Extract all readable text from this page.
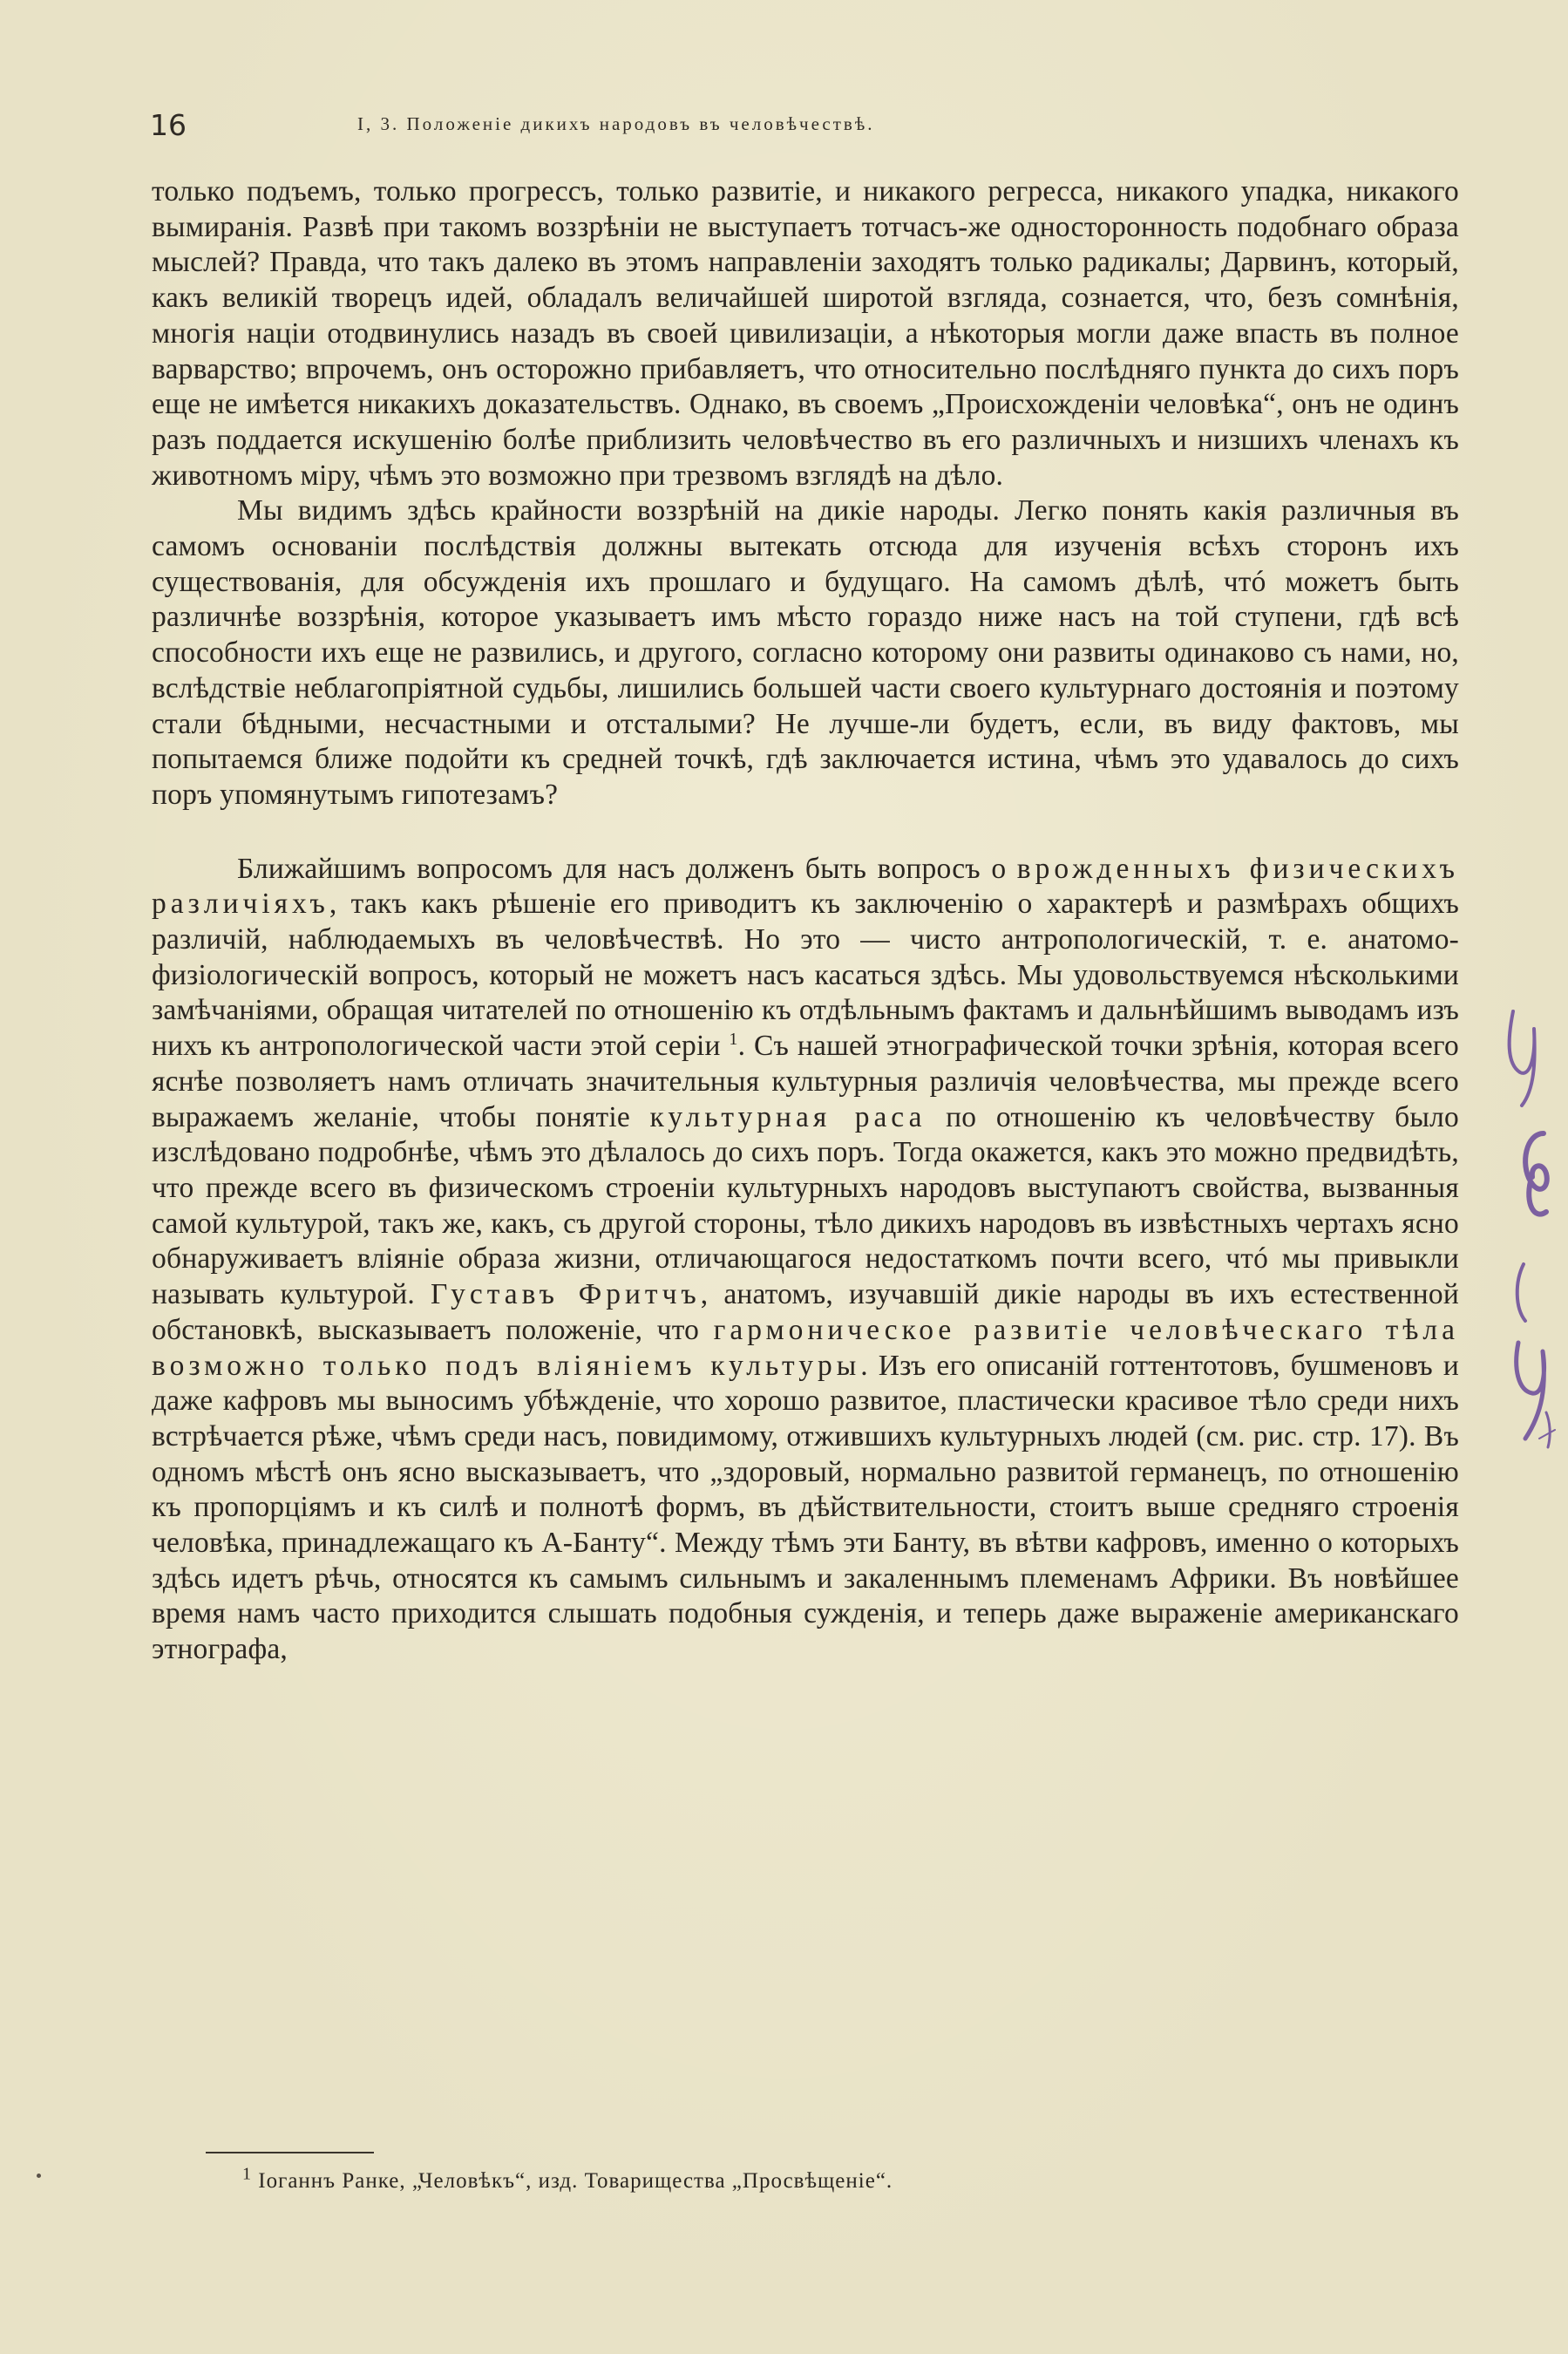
16	I, 3. Положеніе дикихъ народовъ въ человѣчествѣ.

только подъемъ, только прогрессъ, только развитіе, и никакого регресса, никакого упадка, никакого вымиранія. Развѣ при такомъ воззрѣніи не выступаетъ тотчасъ-же односторонность подобнаго образа мыслей? Правда, что такъ далеко въ этомъ направленіи заходятъ только радикалы; Дарвинъ, который, какъ великій творецъ идей, обладалъ величайшей широтой взгляда, сознается, что, безъ сомнѣнія, многія націи отодвинулись назадъ въ своей цивилизаціи, а нѣкоторыя могли даже впасть въ полное варварство; впрочемъ, онъ осторожно прибавляетъ, что относительно послѣдняго пункта до сихъ поръ еще не имѣется никакихъ доказательствъ. Однако, въ своемъ „Происхожденіи человѣка“, онъ не одинъ разъ поддается искушенію болѣе приблизить человѣчество въ его различныхъ и низшихъ членахъ къ животномъ міру, чѣмъ это возможно при трезвомъ взглядѣ на дѣло.

Мы видимъ здѣсь крайности воззрѣній на дикіе народы. Легко понять какія различныя въ самомъ основаніи послѣдствія должны вытекать отсюда для изученія всѣхъ сторонъ ихъ существованія, для обсужденія ихъ прошлаго и будущаго. На самомъ дѣлѣ, чтó можетъ быть различнѣе воззрѣнія, которое указываетъ имъ мѣсто гораздо ниже насъ на той ступени, гдѣ всѣ способности ихъ еще не развились, и другого, согласно которому они развиты одинаково съ нами, но, вслѣдствіе неблагопріятной судьбы, лишились большей части своего культурнаго достоянія и поэтому стали бѣдными, несчастными и отсталыми? Не лучше-ли будетъ, если, въ виду фактовъ, мы попытаемся ближе подойти къ средней точкѣ, гдѣ заключается истина, чѣмъ это удавалось до сихъ поръ упомянутымъ гипотезамъ?

Ближайшимъ вопросомъ для насъ долженъ быть вопросъ о врожденныхъ физическихъ различіяхъ, такъ какъ рѣшеніе его приводитъ къ заключенію о характерѣ и размѣрахъ общихъ различій, наблюдаемыхъ въ человѣчествѣ. Но это — чисто антропологическій, т. е. анатомо-физіологическій вопросъ, который не можетъ насъ касаться здѣсь. Мы удовольствуемся нѣсколькими замѣчаніями, обращая читателей по отношенію къ отдѣльнымъ фактамъ и дальнѣйшимъ выводамъ изъ нихъ къ антропологической части этой серіи $^1$. Съ нашей этнографической точки зрѣнія, которая всего яснѣе позволяетъ намъ отличать значительныя культурныя различія человѣчества, мы прежде всего выражаемъ желаніе, чтобы понятіе культурная раса по отношенію къ человѣчеству было изслѣдовано подробнѣе, чѣмъ это дѣлалось до сихъ поръ. Тогда окажется, какъ это можно предвидѣть, что прежде всего въ физическомъ строеніи культурныхъ народовъ выступаютъ свойства, вызванныя самой культурой, такъ же, какъ, съ другой стороны, тѣло дикихъ народовъ въ извѣстныхъ чертахъ ясно обнаруживаетъ вліяніе образа жизни, отличающагося недостаткомъ почти всего, чтó мы привыкли называть культурой. Густавъ Фритчъ, анатомъ, изучавшій дикіе народы въ ихъ естественной обстановкѣ, высказываетъ положеніе, что гармоническое развитіе человѣческаго тѣла возможно только подъ вліяніемъ культуры. Изъ его описаній готтентотовъ, бушменовъ и даже кафровъ мы выносимъ убѣжденіе, что хорошо развитое, пластически красивое тѣло среди нихъ встрѣчается рѣже, чѣмъ среди насъ, повидимому, отжившихъ культурныхъ людей (см. рис. стр. 17). Въ одномъ мѣстѣ онъ ясно высказываетъ, что „здоровый, нормально развитой германецъ, по отношенію къ пропорціямъ и къ силѣ и полнотѣ формъ, въ дѣйствительности, стоитъ выше средняго строенія человѣка, принадлежащаго къ А-Банту“. Между тѣмъ эти Банту, въ вѣтви кафровъ, именно о которыхъ здѣсь идетъ рѣчь, относятся къ самымъ сильнымъ и закаленнымъ племенамъ Африки. Въ новѣйшее время намъ часто приходится слышать подобныя сужденія, и теперь даже выраженіе американскаго этнографа,

$^1$ Іоганнъ Ранке, „Человѣкъ“, изд. Товарищества „Просвѣщеніе“.
